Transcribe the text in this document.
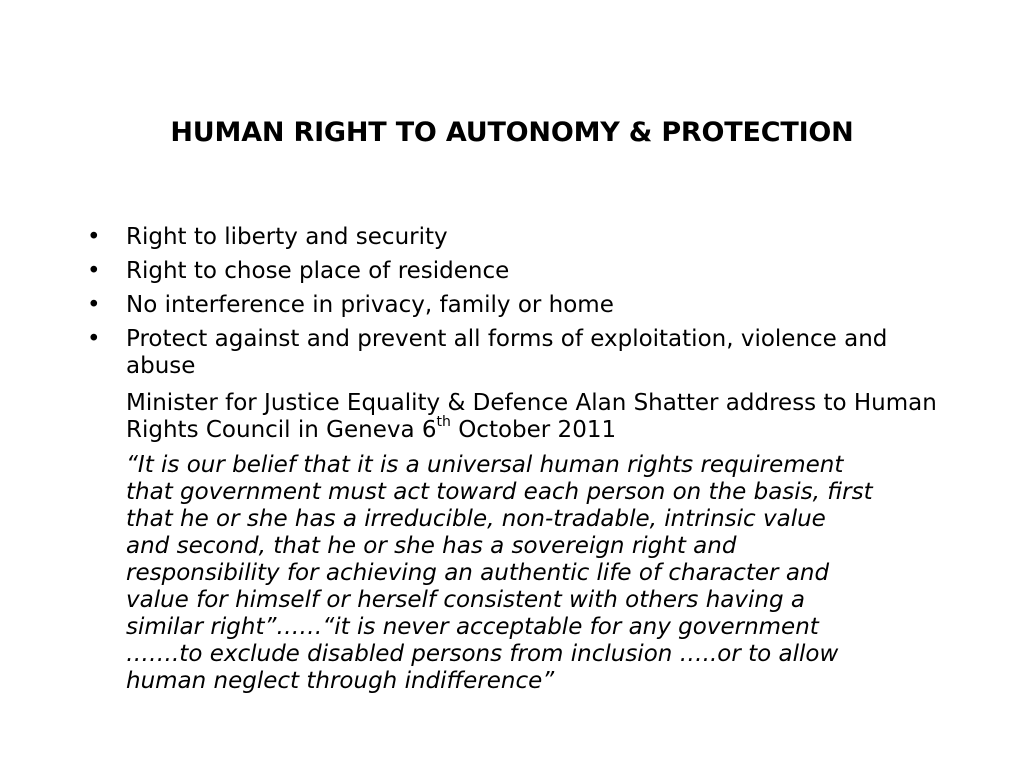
HUMAN RIGHT TO AUTONOMY & PROTECTION
• Right to liberty and security
• Right to chose place of residence
• No interference in privacy, family or home
• Protect against and prevent all forms of exploitation, violence and abuse
Minister for Justice Equality & Defence Alan Shatter address to Human Rights Council in Geneva 6th October 2011
“It is our belief that it is a universal human rights requirement
that government must act toward each person on the basis, first
that he or she has a irreducible, non-tradable, intrinsic value
and second, that he or she has a sovereign right and
responsibility for achieving an authentic life of character and
value for himself or herself consistent with others having a
similar right”……“it is never acceptable for any government
…….to exclude disabled persons from inclusion …..or to allow
human neglect through indifference”
